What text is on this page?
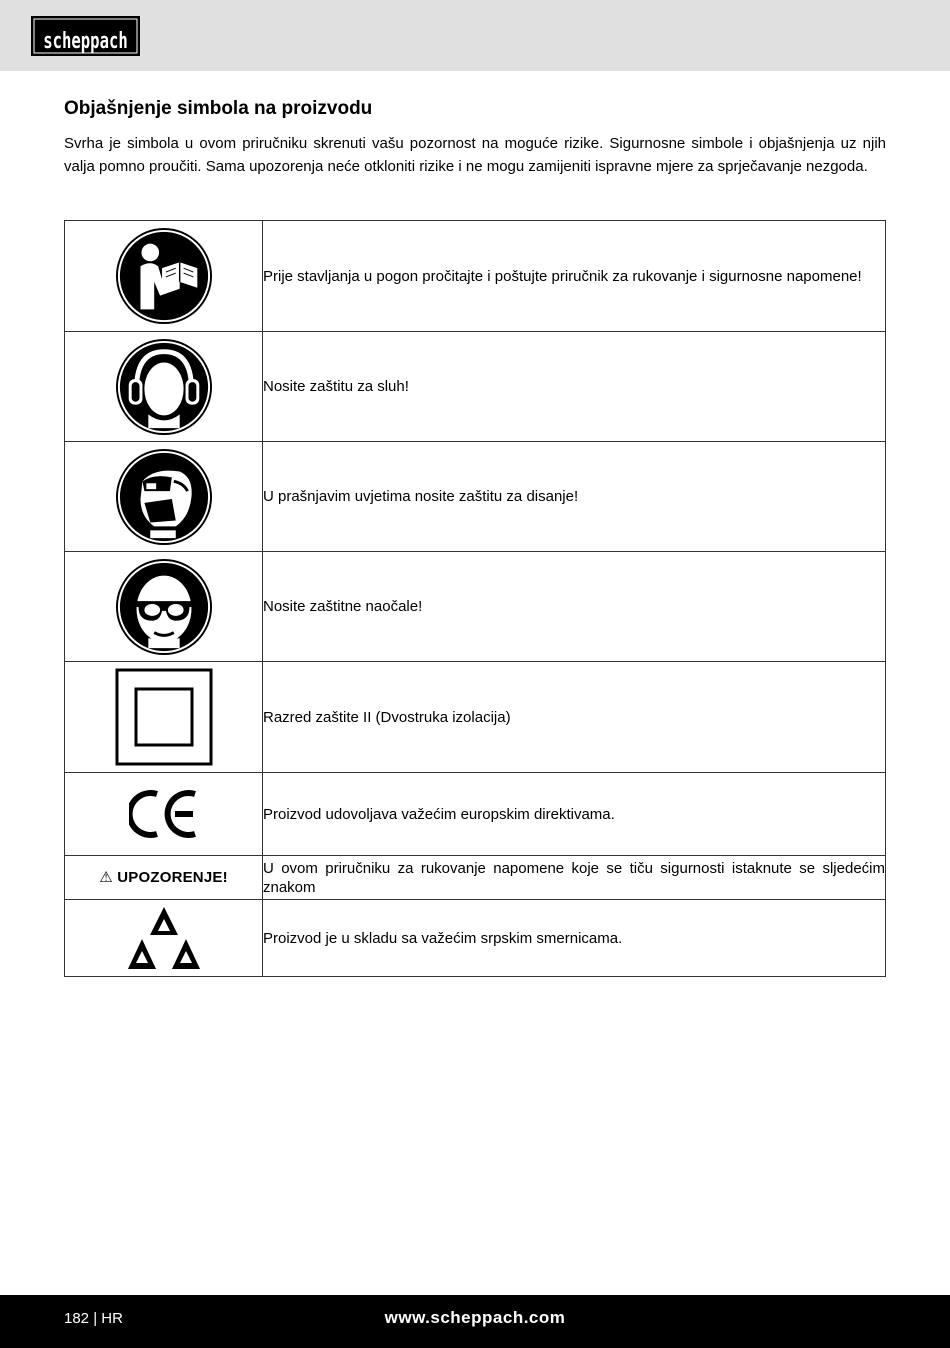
scheppach
Objašnjenje simbola na proizvodu

Svrha je simbola u ovom priručniku skrenuti vašu pozornost na moguće rizike. Sigurnosne simbole i objašnjenja uz njih valja pomno proučiti. Sama upozorenja neće otkloniti rizike i ne mogu zamijeniti ispravne mjere za sprječavanje nezgoda.

	Prije stavljanja u pogon pročitajte i poštujte priručnik za rukovanje i sigurnosne napomene!
	Nosite zaštitu za sluh!
	U prašnjavim uvjetima nosite zaštitu za disanje!
	Nosite zaštitne naočale!
	Razred zaštite II (Dvostruka izolacija)
	Proizvod udovoljava važećim europskim direktivama.
⚠ UPOZORENJE!	U ovom priručniku za rukovanje napomene koje se tiču sigurnosti istaknute se sljedećim znakom
	Proizvod je u skladu sa važećim srpskim smernicama.
182 | HR	www.scheppach.com
